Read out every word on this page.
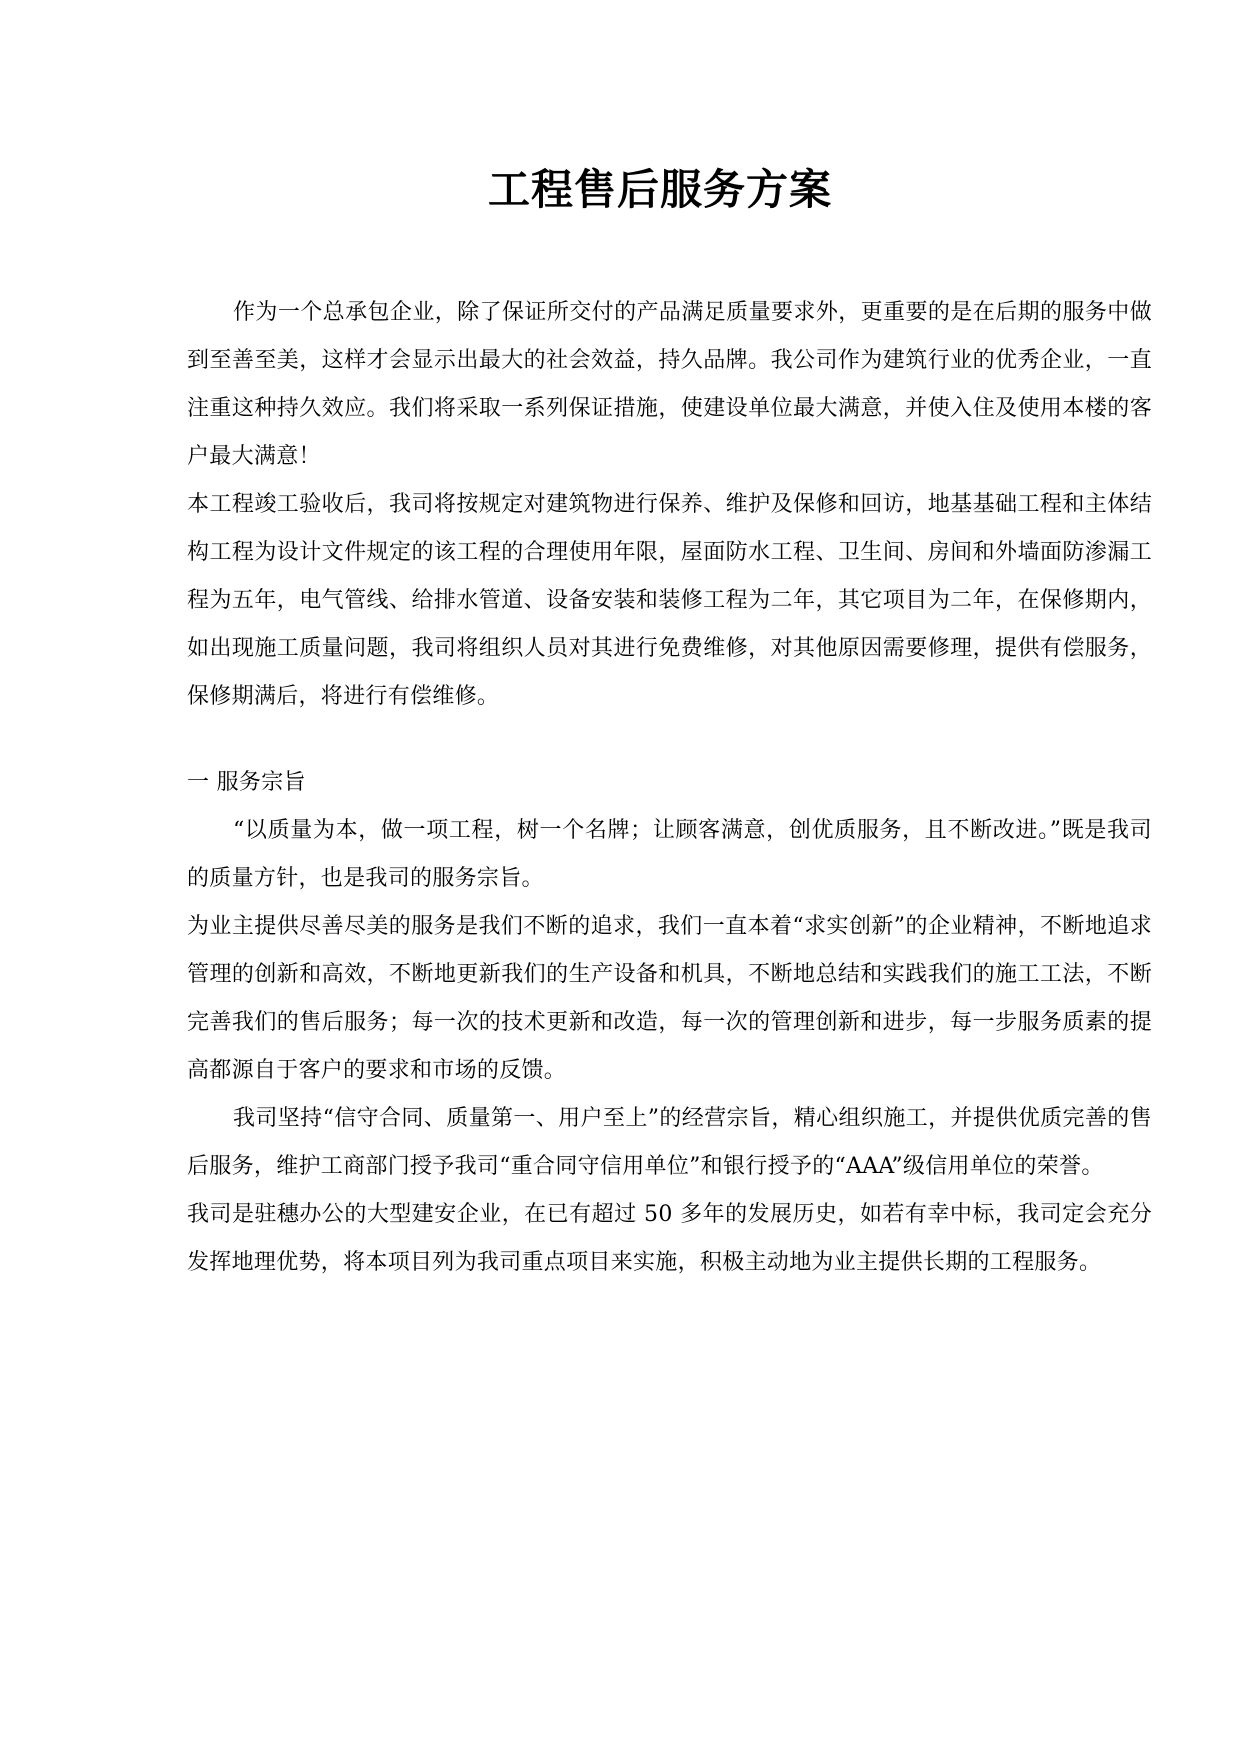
工程售后服务方案

作为一个总承包企业，除了保证所交付的产品满足质量要求外，更重要的是在后期的服务中做到至善至美，这样才会显示出最大的社会效益，持久品牌。我公司作为建筑行业的优秀企业，一直注重这种持久效应。我们将采取一系列保证措施，使建设单位最大满意，并使入住及使用本楼的客户最大满意！

本工程竣工验收后，我司将按规定对建筑物进行保养、维护及保修和回访，地基基础工程和主体结构工程为设计文件规定的该工程的合理使用年限，屋面防水工程、卫生间、房间和外墙面防渗漏工程为五年，电气管线、给排水管道、设备安装和装修工程为二年，其它项目为二年，在保修期内，如出现施工质量问题，我司将组织人员对其进行免费维修，对其他原因需要修理，提供有偿服务，保修期满后，将进行有偿维修。

一 服务宗旨

“以质量为本，做一项工程，树一个名牌；让顾客满意，创优质服务，且不断改进。”既是我司的质量方针，也是我司的服务宗旨。

为业主提供尽善尽美的服务是我们不断的追求，我们一直本着“求实创新”的企业精神，不断地追求管理的创新和高效，不断地更新我们的生产设备和机具，不断地总结和实践我们的施工工法，不断完善我们的售后服务；每一次的技术更新和改造，每一次的管理创新和进步，每一步服务质素的提高都源自于客户的要求和市场的反馈。

我司坚持“信守合同、质量第一、用户至上”的经营宗旨，精心组织施工，并提供优质完善的售后服务，维护工商部门授予我司“重合同守信用单位”和银行授予的“AAA”级信用单位的荣誉。

我司是驻穗办公的大型建安企业，在已有超过 50 多年的发展历史，如若有幸中标，我司定会充分发挥地理优势，将本项目列为我司重点项目来实施，积极主动地为业主提供长期的工程服务。
